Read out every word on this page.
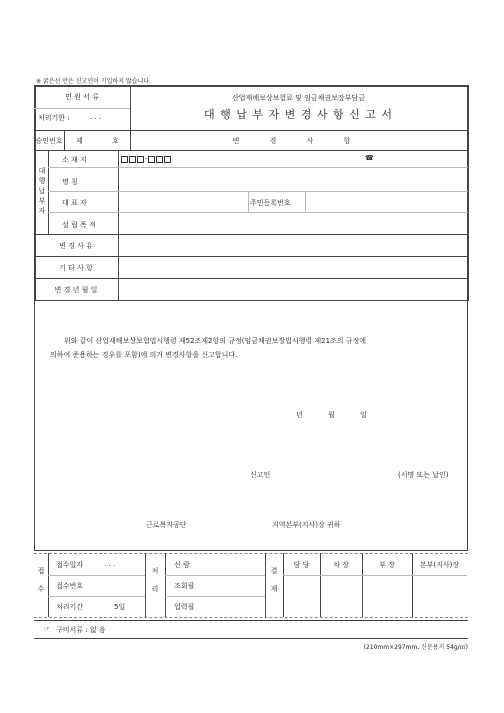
※ 굵은선 안은 신고인이 기입하지 않습니다.
민 원 서 류
처리기한 :	. . .
산업재해보상보험료 및 임금채권보장부담금
대 행 납 부 자 변 경 사 항 신 고 서
승인번호 제	호	변 경 사 항
대
행
납
부
자
소 재 지	-	☎
명 칭
대 표 자	주민등록번호
설 립 목 적
변 경 사 유
기 타 사 항
변 경 년 월 일
위와 같이 산업재해보상보험법시행령 제52조제2항의 규정(임금채권보장법시행령 제21조의 규정에
의하여 준용하는 경우를 포함)에 의거 변경사항을 신고합니다.
년	월	일
신고인	(서명 또는 날인)
근로복지공단	지역본부(지사)장 귀하
접

수
접수일자	. . .
접수번호
처리기간	5일
처

리
선 람
조회필
입력필
결

재
담 당	차 장	부 장	본부(지사)장
☞ 구비서류 : 없 음
(210mm×297mm, 신문용지 54g/㎡)
